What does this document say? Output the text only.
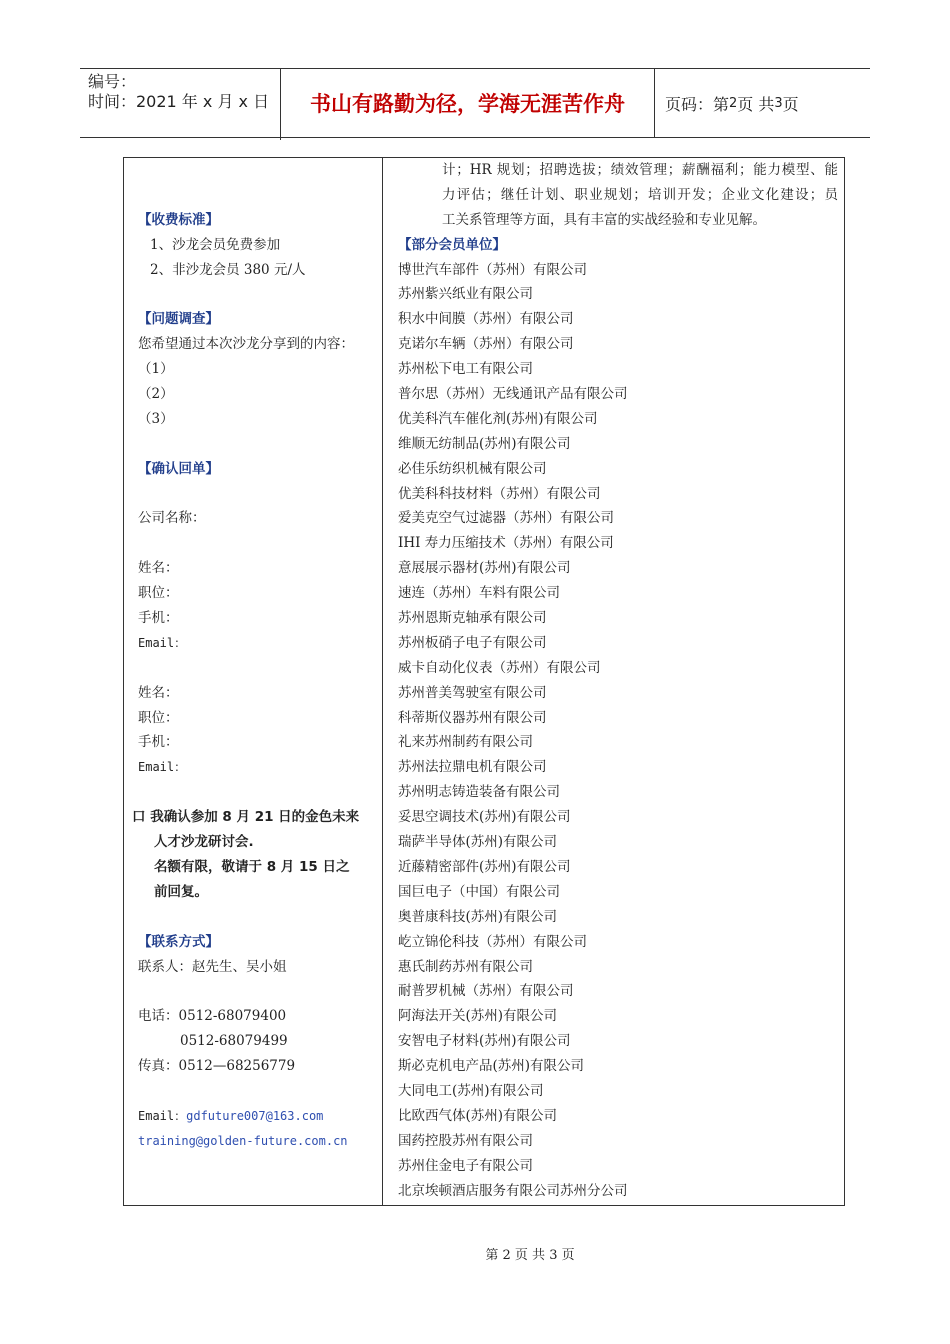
编号：
时间：2021 年 x 月 x 日	书山有路勤为径，学海无涯苦作舟	页码：第 2 页 共 3 页
【收费标准】
1、沙龙会员免费参加
2、非沙龙会员 380 元/人
【问题调查】
您希望通过本次沙龙分享到的内容：
（1）
（2）
（3）
【确认回单】
公司名称：
姓名：
职位：
手机：
Email：
姓名：
职位：
手机：
Email：
口 我确认参加 8 月 21 日的金色未来
人才沙龙研讨会.
名额有限，敬请于 8 月 15 日之
前回复。
【联系方式】
联系人：赵先生、吴小姐
电话：0512-68079400
0512-68079499
传真：0512—68256779
Email：gdfuture007@163.com
training@golden-future.com.cn
计；HR 规划；招聘选拔；绩效管理；薪酬福利；能力模型、能
力评估；继任计划、职业规划；培训开发；企业文化建设；员
工关系管理等方面，具有丰富的实战经验和专业见解。
【部分会员单位】
博世汽车部件（苏州）有限公司
苏州紫兴纸业有限公司
积水中间膜（苏州）有限公司
克诺尔车辆（苏州）有限公司
苏州松下电工有限公司
普尔思（苏州）无线通讯产品有限公司
优美科汽车催化剂(苏州)有限公司
维顺无纺制品(苏州)有限公司
必佳乐纺织机械有限公司
优美科科技材料（苏州）有限公司
爱美克空气过滤器（苏州）有限公司
IHI 寿力压缩技术（苏州）有限公司
意展展示器材(苏州)有限公司
速连（苏州）车料有限公司
苏州恩斯克轴承有限公司
苏州板硝子电子有限公司
威卡自动化仪表（苏州）有限公司
苏州普美驾驶室有限公司
科蒂斯仪器苏州有限公司
礼来苏州制药有限公司
苏州法拉鼎电机有限公司
苏州明志铸造装备有限公司
妥思空调技术(苏州)有限公司
瑞萨半导体(苏州)有限公司
近藤精密部件(苏州)有限公司
国巨电子（中国）有限公司
奥普康科技(苏州)有限公司
屹立锦伦科技（苏州）有限公司
惠氏制药苏州有限公司
耐普罗机械（苏州）有限公司
阿海法开关(苏州)有限公司
安智电子材料(苏州)有限公司
斯必克机电产品(苏州)有限公司
大同电工(苏州)有限公司
比欧西气体(苏州)有限公司
国药控股苏州有限公司
苏州住金电子有限公司
北京埃顿酒店服务有限公司苏州分公司
第 2 页 共 3 页
